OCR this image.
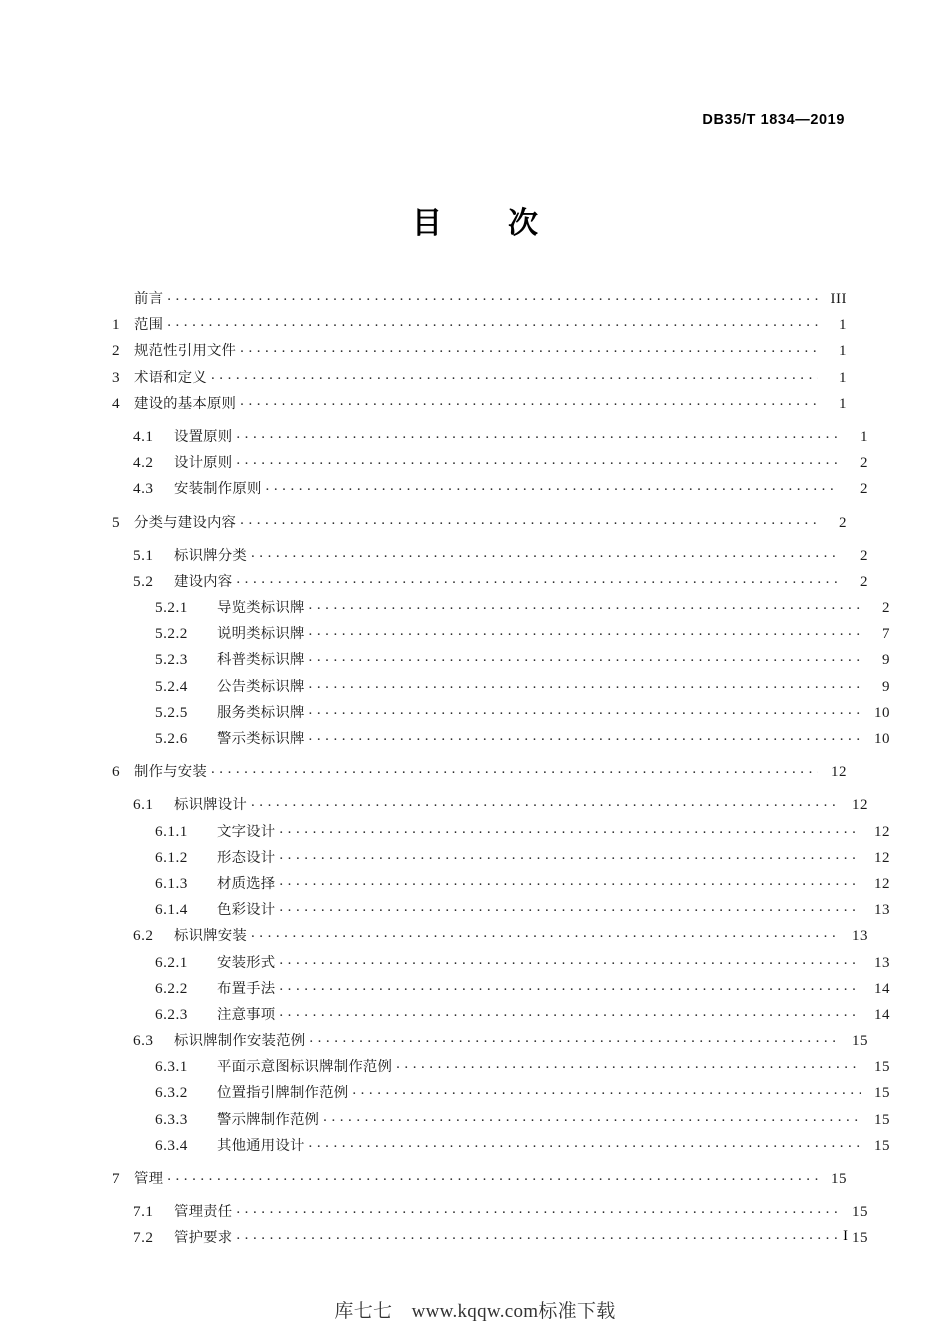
DB35/T 1834—2019
目　次
前言 . . .	III
1 范围 . . .	1
2 规范性引用文件 . . .	1
3 术语和定义 . . .	1
4 建设的基本原则 . . .	1
4.1	设置原则 . . .	1
4.2	设计原则 . . .	2
4.3	安装制作原则 . . .	2
5 分类与建设内容 . . .	2
5.1	标识牌分类 . . .	2
5.2	建设内容 . . .	2
5.2.1	导览类标识牌 . . .	2
5.2.2	说明类标识牌 . . .	7
5.2.3	科普类标识牌 . . .	9
5.2.4	公告类标识牌 . . .	9
5.2.5	服务类标识牌 . . .	10
5.2.6	警示类标识牌 . . .	10
6 制作与安装 . . .	12
6.1	标识牌设计 . . .	12
6.1.1	文字设计 . . .	12
6.1.2	形态设计 . . .	12
6.1.3	材质选择 . . .	12
6.1.4	色彩设计 . . .	13
6.2	标识牌安装 . . .	13
6.2.1	安装形式 . . .	13
6.2.2	布置手法 . . .	14
6.2.3	注意事项 . . .	14
6.3	标识牌制作安装范例 . . .	15
6.3.1	平面示意图标识牌制作范例 . . .	15
6.3.2	位置指引牌制作范例 . . .	15
6.3.3	警示牌制作范例 . . .	15
6.3.4	其他通用设计 . . .	15
7 管理 . . .	15
7.1	管理责任 . . .	15
7.2	管护要求 . . .	15
I
库七七　www.kqqw.com标准下载
